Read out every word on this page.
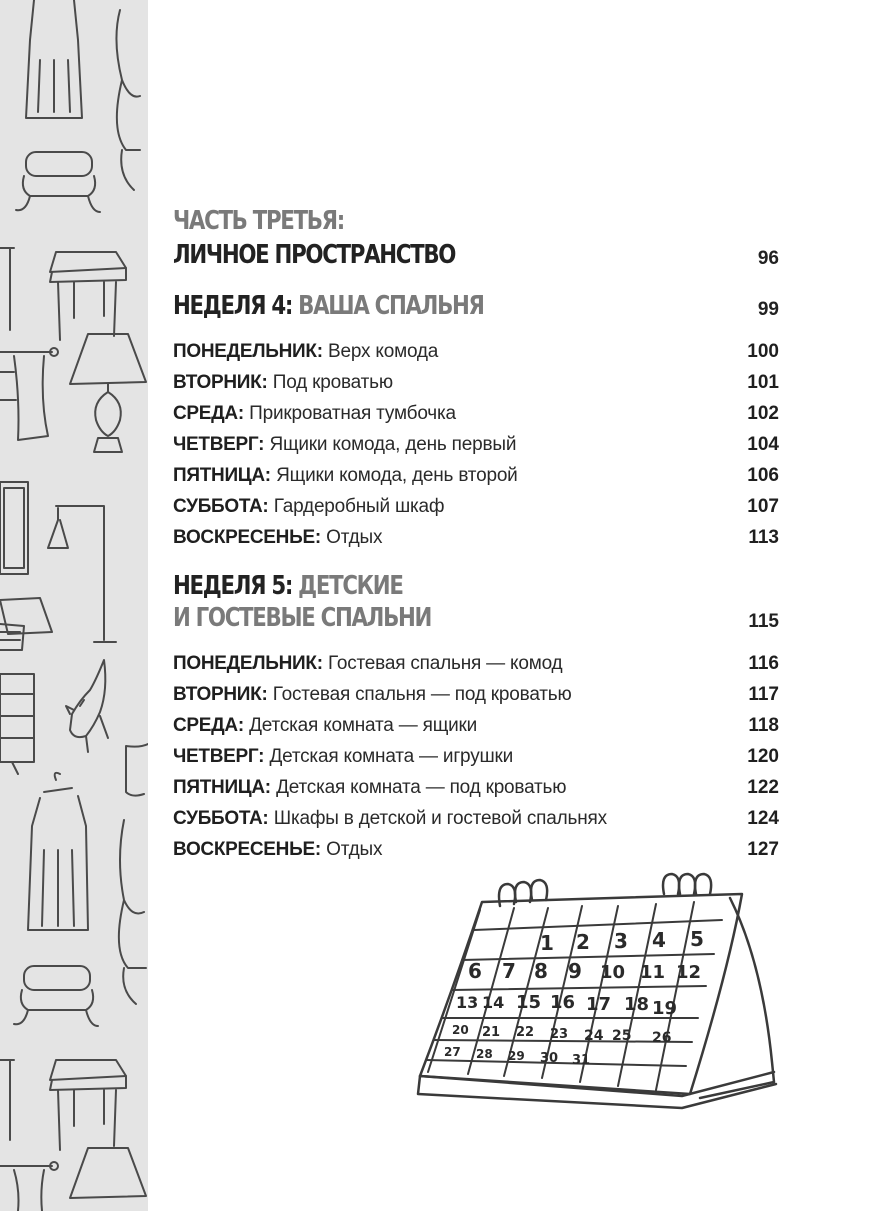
ЧАСТЬ ТРЕТЬЯ:
ЛИЧНОЕ ПРОСТРАНСТВО	96
НЕДЕЛЯ 4: ВАША СПАЛЬНЯ	99
ПОНЕДЕЛЬНИК: Верх комода	100
ВТОРНИК: Под кроватью	101
СРЕДА: Прикроватная тумбочка	102
ЧЕТВЕРГ: Ящики комода, день первый	104
ПЯТНИЦА: Ящики комода, день второй	106
СУББОТА: Гардеробный шкаф	107
ВОСКРЕСЕНЬЕ: Отдых	113
НЕДЕЛЯ 5: ДЕТСКИЕ
И ГОСТЕВЫЕ СПАЛЬНИ	115
ПОНЕДЕЛЬНИК: Гостевая спальня — комод	116
ВТОРНИК: Гостевая спальня — под кроватью	117
СРЕДА: Детская комната — ящики	118
ЧЕТВЕРГ: Детская комната — игрушки	120
ПЯТНИЦА: Детская комната — под кроватью	122
СУББОТА: Шкафы в детской и гостевой спальнях	124
ВОСКРЕСЕНЬЕ: Отдых	127
1 2 3 4 5
6 7 8 9 10 11 12
13 14 15 16 17 18 19
20 21 22 23 24 25 26
27 28 29 30 31
